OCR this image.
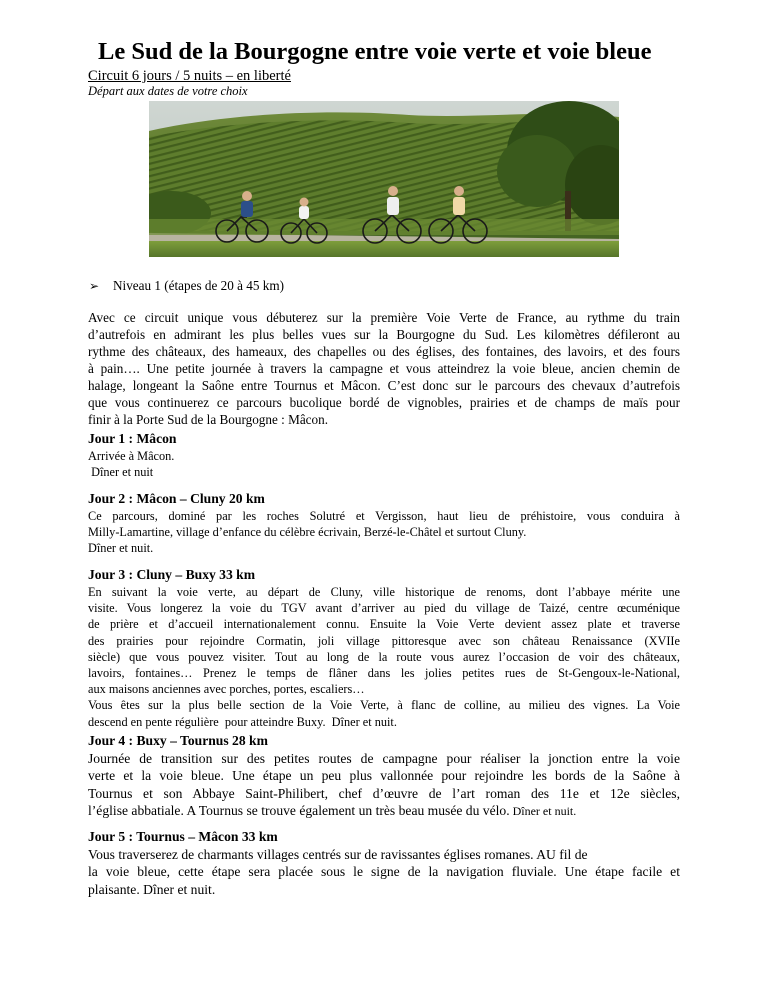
Le Sud de la Bourgogne entre voie verte et voie bleue
Circuit 6 jours / 5 nuits – en liberté
Départ aux dates de votre choix
➢ Niveau 1 (étapes de 20 à 45 km)
Avec ce circuit unique vous débuterez sur la première Voie Verte de France, au rythme du train
d’autrefois en admirant les plus belles vues sur la Bourgogne du Sud. Les kilomètres défileront au
rythme des châteaux, des hameaux, des chapelles ou des églises, des fontaines, des lavoirs, et des fours
à pain…. Une petite journée à travers la campagne et vous atteindrez la voie bleue, ancien chemin de
halage, longeant la Saône entre Tournus et Mâcon. C’est donc sur le parcours des chevaux d’autrefois
que vous continuerez ce parcours bucolique bordé de vignobles, prairies et de champs de maïs pour
finir à la Porte Sud de la Bourgogne : Mâcon.
Jour 1 : Mâcon
Arrivée à Mâcon.
Dîner et nuit
Jour 2 : Mâcon – Cluny 20 km
Ce parcours, dominé par les roches Solutré et Vergisson, haut lieu de préhistoire, vous conduira à
Milly-Lamartine, village d’enfance du célèbre écrivain, Berzé-le-Châtel et surtout Cluny.
Dîner et nuit.
Jour 3 : Cluny – Buxy 33 km
En suivant la voie verte, au départ de Cluny, ville historique de renoms, dont l’abbaye mérite une
visite. Vous longerez la voie du TGV avant d’arriver au pied du village de Taizé, centre œcuménique
de prière et d’accueil internationalement connu. Ensuite la Voie Verte devient assez plate et traverse
des prairies pour rejoindre Cormatin, joli village pittoresque avec son château Renaissance (XVIIe
siècle) que vous pouvez visiter. Tout au long de la route vous aurez l’occasion de voir des châteaux,
lavoirs, fontaines… Prenez le temps de flâner dans les jolies petites rues de St-Gengoux-le-National,
aux maisons anciennes avec porches, portes, escaliers…
Vous êtes sur la plus belle section de la Voie Verte, à flanc de colline, au milieu des vignes. La Voie
descend en pente régulière  pour atteindre Buxy.  Dîner et nuit.
Jour 4 : Buxy – Tournus 28 km
Journée de transition sur des petites routes de campagne pour réaliser la jonction entre la voie
verte et la voie bleue. Une étape un peu plus vallonnée pour rejoindre les bords de la Saône à
Tournus et son Abbaye Saint-Philibert, chef d’œuvre de l’art roman des 11e et 12e siècles,
l’église abbatiale. A Tournus se trouve également un très beau musée du vélo. Dîner et nuit.
Jour 5 : Tournus – Mâcon 33 km
Vous traverserez de charmants villages centrés sur de ravissantes églises romanes. AU fil de
la voie bleue, cette étape sera placée sous le signe de la navigation fluviale. Une étape facile et
plaisante. Dîner et nuit.
